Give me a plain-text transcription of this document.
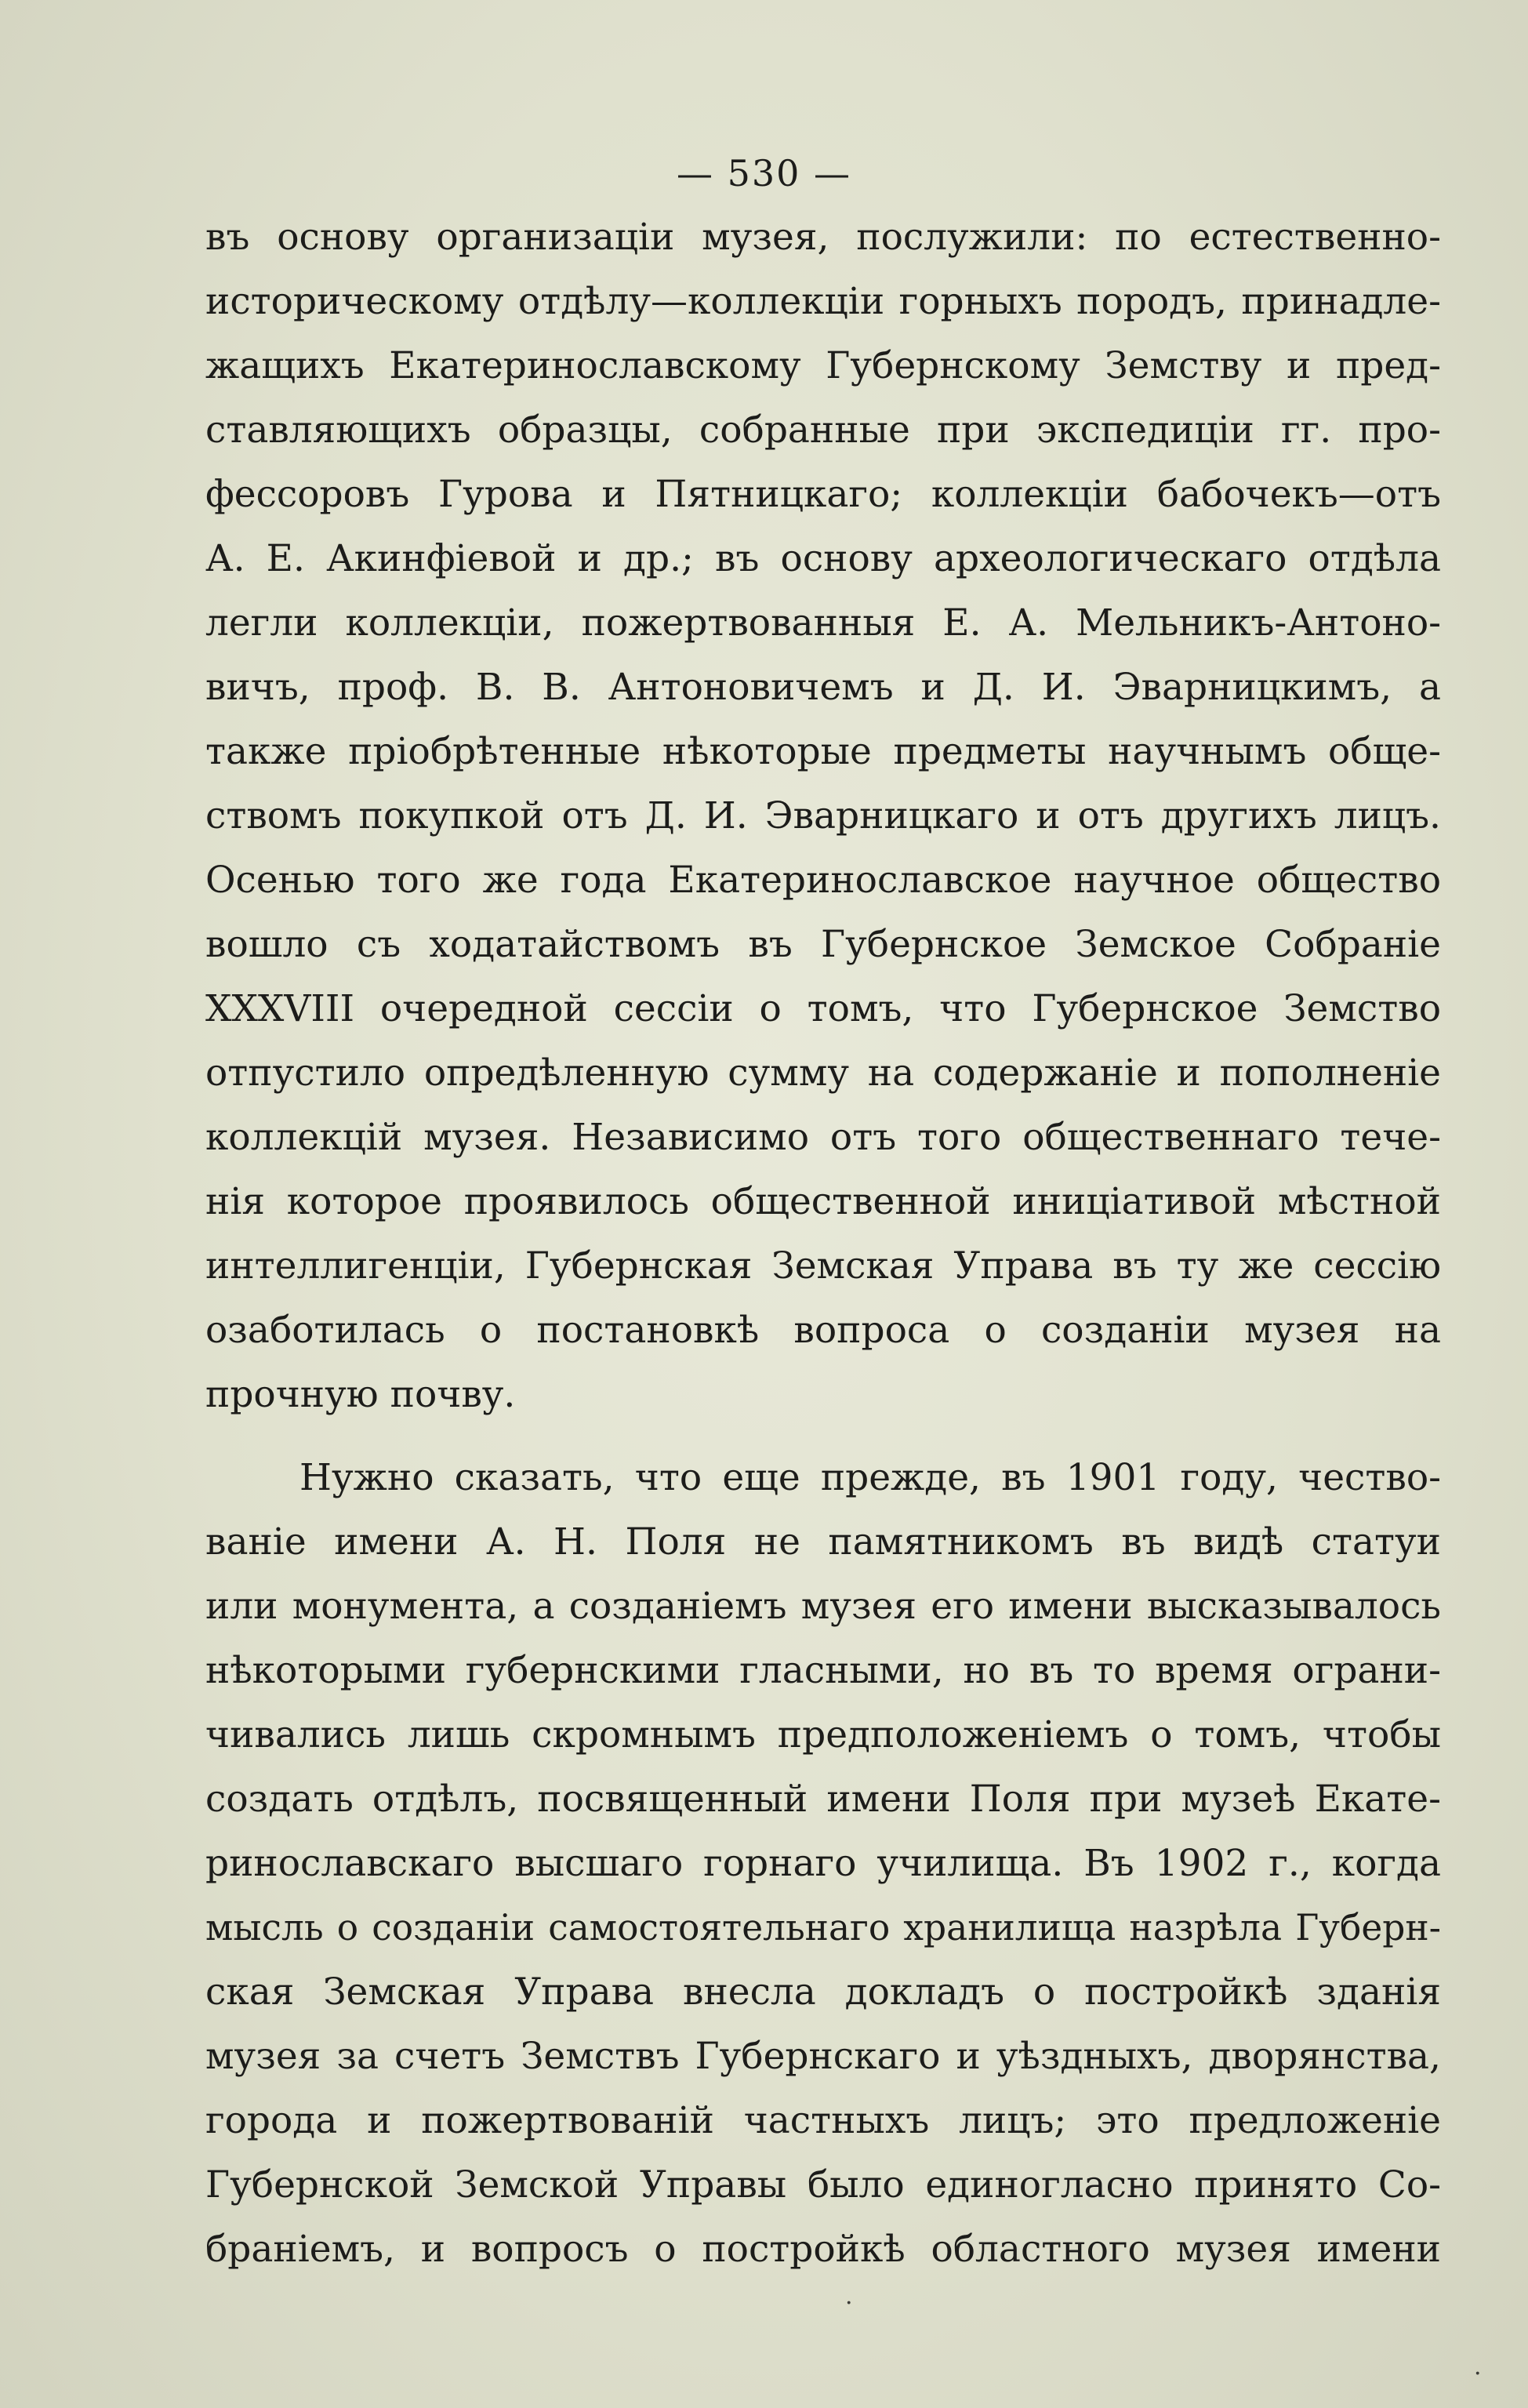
— 530 —
въ основу организаціи музея, послужили: по естественно-
историческому отдѣлу—коллекціи горныхъ породъ, принадле-
жащихъ Екатеринославскому Губернскому Земству и пред-
ставляющихъ образцы, собранные при экспедиціи гг. про-
фессоровъ Гурова и Пятницкаго; коллекціи бабочекъ—отъ
А. Е. Акинфіевой и др.; въ основу археологическаго отдѣла
легли коллекціи, пожертвованныя Е. А. Мельникъ-Антоно-
вичъ, проф. В. В. Антоновичемъ и Д. И. Эварницкимъ, а
также пріобрѣтенные нѣкоторые предметы научнымъ обще-
ствомъ покупкой отъ Д. И. Эварницкаго и отъ другихъ лицъ.
Осенью того же года Екатеринославское научное общество
вошло съ ходатайствомъ въ Губернское Земское Собраніе
XXXVIII очередной сессіи о томъ, что Губернское Земство
отпустило опредѣленную сумму на содержаніе и пополненіе
коллекцій музея. Независимо отъ того общественнаго тече-
нія которое проявилось общественной иниціативой мѣстной
интеллигенціи, Губернская Земская Управа въ ту же сессію
озаботилась о постановкѣ вопроса о созданіи музея на
прочную почву.
Нужно сказать, что еще прежде, въ 1901 году, чество-
ваніе имени А. Н. Поля не памятникомъ въ видѣ статуи
или монумента, а созданіемъ музея его имени высказывалось
нѣкоторыми губернскими гласными, но въ то время ограни-
чивались лишь скромнымъ предположеніемъ о томъ, чтобы
создать отдѣлъ, посвященный имени Поля при музеѣ Екате-
ринославскаго высшаго горнаго училища. Въ 1902 г., когда
мысль о созданіи самостоятельнаго хранилища назрѣла Губерн-
ская Земская Управа внесла докладъ о постройкѣ зданія
музея за счетъ Земствъ Губернскаго и уѣздныхъ, дворянства,
города и пожертвованій частныхъ лицъ; это предложеніе
Губернской Земской Управы было единогласно принято Со-
браніемъ, и вопросъ о постройкѣ областного музея имени
·
·
